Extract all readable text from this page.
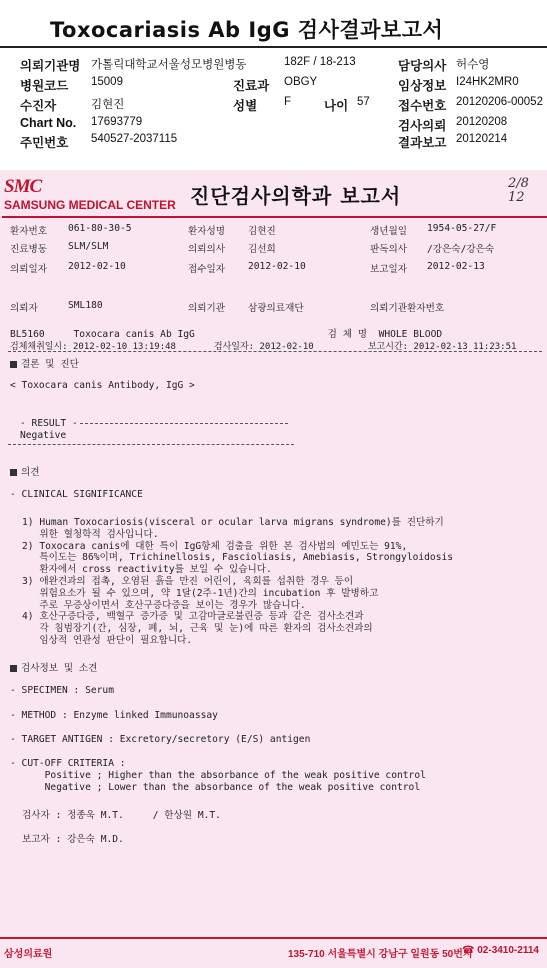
Toxocariasis Ab IgG 검사결과보고서
의뢰기관명 가톨릭대학교서울성모병원병동	182F / 18-213	담당의사 허수영
병원코드 15009	진료과 OBGY	임상정보 I24HK2MR0
수진자	김현진	성별 F	나이 57 접수번호 20120206-00052
Chart No. 17693779	검사의뢰 20120208
주민번호 540527-2037115	결과보고 20120214
SMC
SAMSUNG MEDICAL CENTER 진단검사의학과 보고서
2/8
12
환자번호 061-80-30-5	환자성명 김현진	생년월일 1954-05-27/F
진료병동 SLM/SLM	의뢰의사 김선희	판독의사 /강은숙/강은숙
의뢰일자 2012-02-10	접수일자 2012-02-10	보고일자 2012-02-13
의뢰자	SML180	의뢰기관 삼광의료재단	의뢰기관환자번호
BL5160     Toxocara canis Ab IgG                       검 체 명  WHOLE BLOOD
검체채취일시: 2012-02-10 13:19:48       검사일자: 2012-02-10          보고시간: 2012-02-13 11:23:51
결론 및 진단
< Toxocara canis Antibody, IgG >
- RESULT -
Negative
의견
- CLINICAL SIGNIFICANCE
1) Human Toxocariosis(visceral or ocular larva migrans syndrome)를 진단하기
위한 혈청학적 검사입니다.
2) Toxocara canis에 대한 특이 IgG항체 검출을 위한 본 검사법의 예민도는 91%,
특이도는 86%이며, Trichinellosis, Fascioliasis, Amebiasis, Strongyloidosis
환자에서 cross reactivity를 보일 수 있습니다.
3) 애완견과의 접촉, 오염된 흙을 만진 어린이, 육회를 섭취한 경우 등이
위험요소가 될 수 있으며, 약 1달(2주-1년)간의 incubation 후 발병하고
주로 무증상이면서 호산구증다증을 보이는 경우가 많습니다.
4) 호산구증다증, 백혈구 증가증 및 고감마글로불린증 등과 같은 검사소견과
각 침범장기(간, 심장, 폐, 뇌, 근육 및 눈)에 따른 환자의 검사소견과의
임상적 연관성 판단이 필요합니다.
검사정보 및 소견
- SPECIMEN : Serum
- METHOD : Enzyme linked Immunoassay
- TARGET ANTIGEN : Excretory/secretory (E/S) antigen
- CUT-OFF CRITERIA :
Positive ; Higher than the absorbance of the weak positive control
Negative ; Lower than the absorbance of the weak positive control
검사자 : 정종욱 M.T.     / 한상원 M.T.
보고자 : 강은숙 M.D.
삼성의료원	135-710 서울특별시 강남구 일원동 50번지
☎ 02-3410-2114
